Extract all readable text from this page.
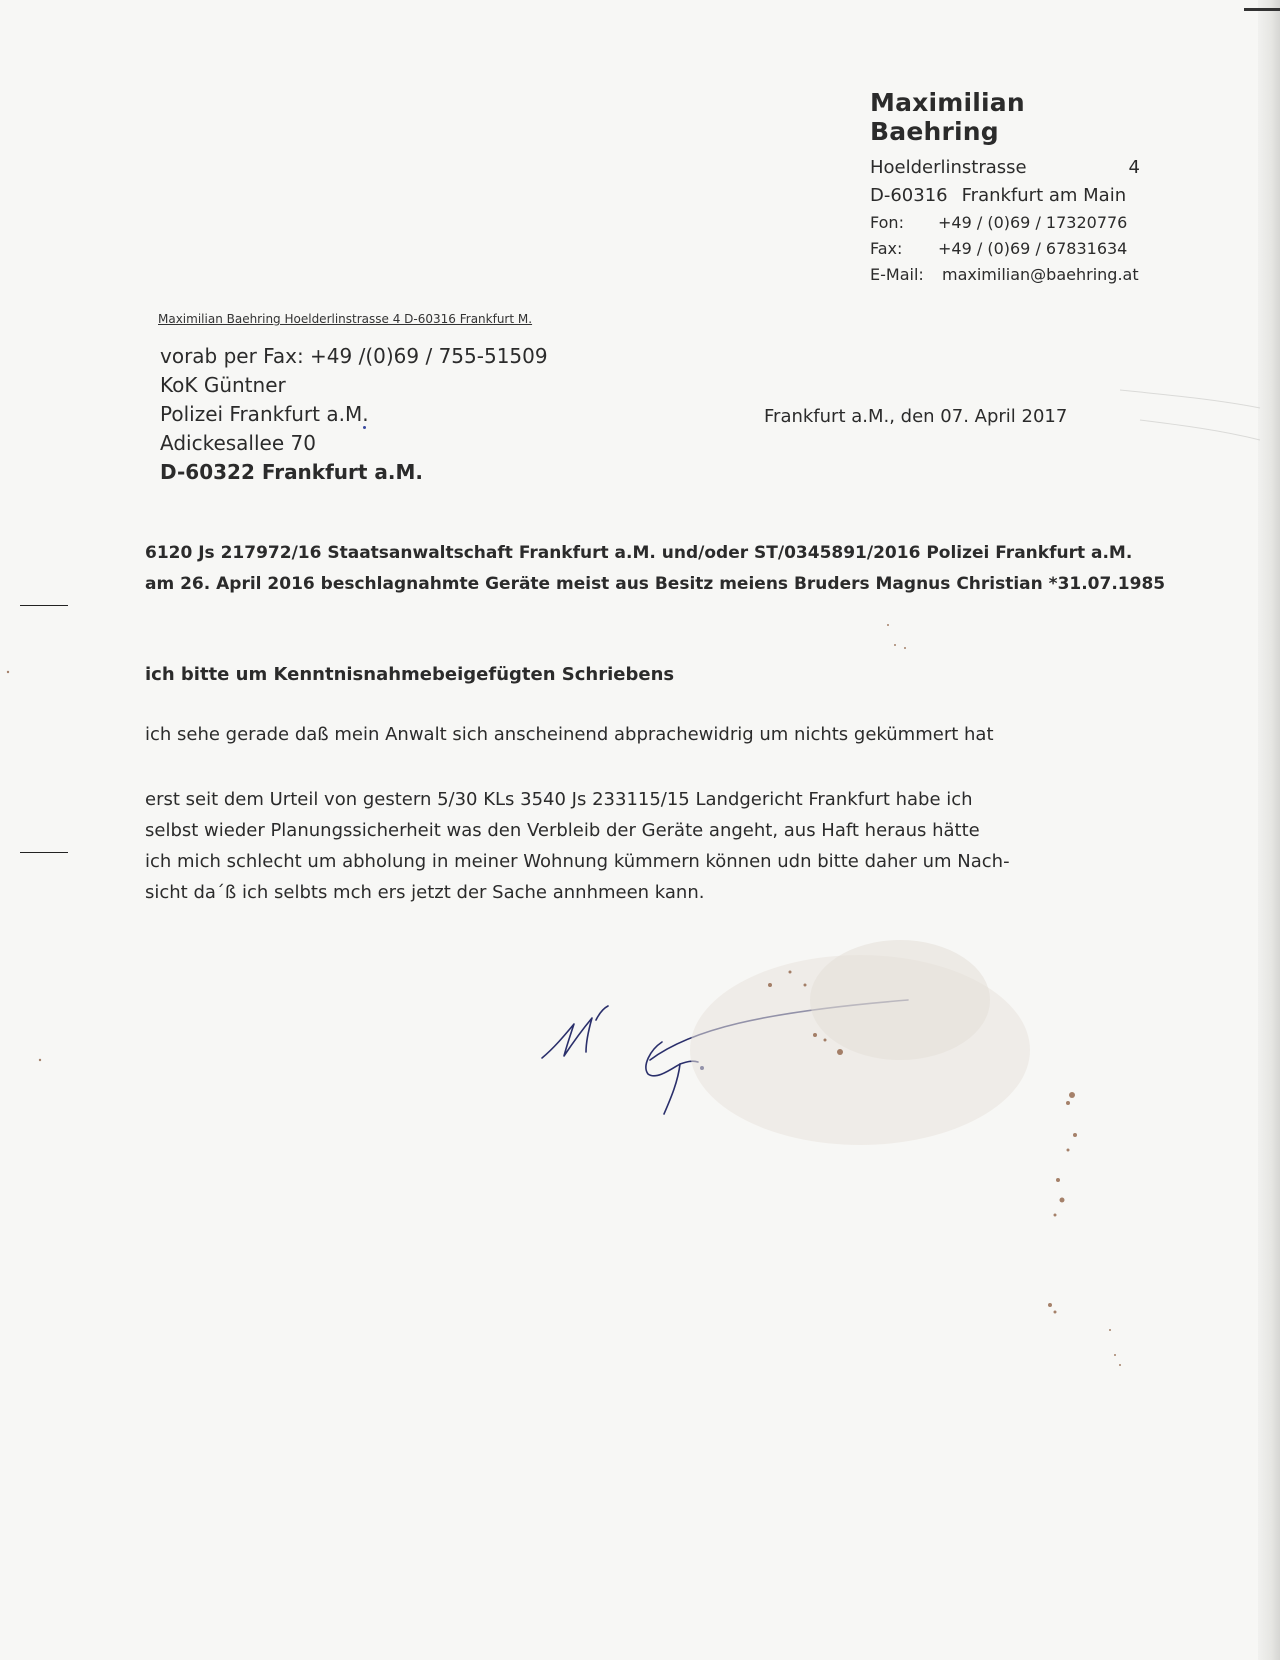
Maximilian Baehring
Hoelderlinstrasse	4
D-60316 Frankfurt am Main
Fon:	+49 / (0)69 / 17320776
Fax:	+49 / (0)69 / 67831634
E-Mail:	maximilian@baehring.at
Maximilian Baehring Hoelderlinstrasse 4 D-60316 Frankfurt M.
vorab per Fax: +49 /(0)69 / 755-51509
KoK Güntner
Polizei Frankfurt a.M.
Adickesallee 70
D-60322 Frankfurt a.M.
Frankfurt a.M., den 07. April 2017
6120 Js 217972/16 Staatsanwaltschaft Frankfurt a.M. und/oder ST/0345891/2016 Polizei Frankfurt a.M.
am 26. April 2016 beschlagnahmte Geräte meist aus Besitz meiens Bruders Magnus Christian *31.07.1985
ich bitte um Kenntnisnahmebeigefügten Schriebens
ich sehe gerade daß mein Anwalt sich anscheinend abprachewidrig um nichts gekümmert hat
erst seit dem Urteil von gestern 5/30 KLs 3540 Js 233115/15 Landgericht Frankfurt habe ich
selbst wieder Planungssicherheit was den Verbleib der Geräte angeht, aus Haft heraus hätte
ich mich schlecht um abholung in meiner Wohnung kümmern können udn bitte daher um Nach-
sicht da´ß ich selbts mch ers jetzt der Sache annhmeen kann.
